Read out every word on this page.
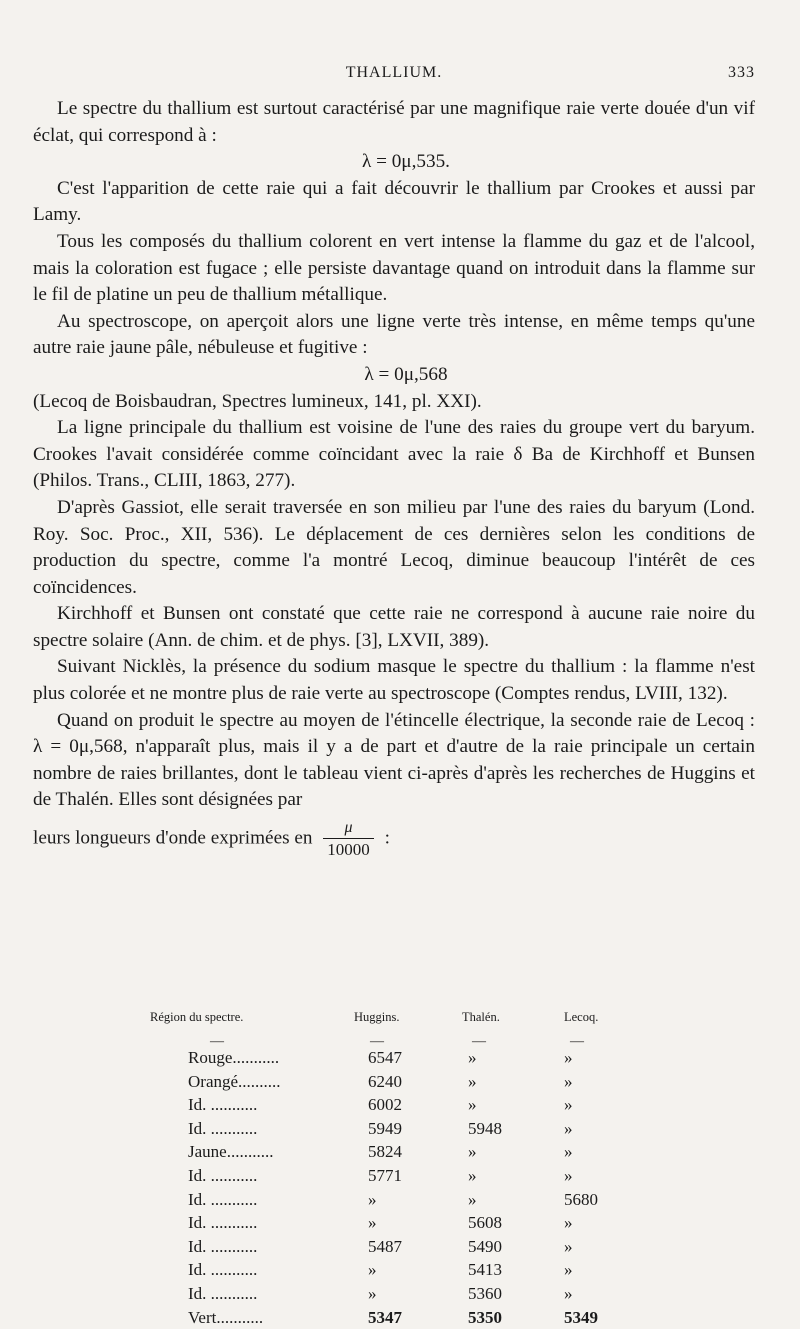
THALLIUM.	333

Le spectre du thallium est surtout caractérisé par une magnifique raie verte douée d'un vif éclat, qui correspond à :

λ = 0μ,535.

C'est l'apparition de cette raie qui a fait découvrir le thallium par Crookes et aussi par Lamy.

Tous les composés du thallium colorent en vert intense la flamme du gaz et de l'alcool, mais la coloration est fugace ; elle persiste davantage quand on introduit dans la flamme sur le fil de platine un peu de thallium métallique.

Au spectroscope, on aperçoit alors une ligne verte très intense, en même temps qu'une autre raie jaune pâle, nébuleuse et fugitive :

λ = 0μ,568

(Lecoq de Boisbaudran, Spectres lumineux, 141, pl. XXI).

La ligne principale du thallium est voisine de l'une des raies du groupe vert du baryum. Crookes l'avait considérée comme coïncidant avec la raie δ Ba de Kirchhoff et Bunsen (Philos. Trans., CLIII, 1863, 277).

D'après Gassiot, elle serait traversée en son milieu par l'une des raies du baryum (Lond. Roy. Soc. Proc., XII, 536). Le déplacement de ces dernières selon les conditions de production du spectre, comme l'a montré Lecoq, diminue beaucoup l'intérêt de ces coïncidences.

Kirchhoff et Bunsen ont constaté que cette raie ne correspond à aucune raie noire du spectre solaire (Ann. de chim. et de phys. [3], LXVII, 389).

Suivant Nicklès, la présence du sodium masque le spectre du thallium : la flamme n'est plus colorée et ne montre plus de raie verte au spectroscope (Comptes rendus, LVIII, 132).

Quand on produit le spectre au moyen de l'étincelle électrique, la seconde raie de Lecoq : λ = 0μ,568, n'apparaît plus, mais il y a de part et d'autre de la raie principale un certain nombre de raies brillantes, dont le tableau vient ci-après d'après les recherches de Huggins et de Thalén. Elles sont désignées par

leurs longueurs d'onde exprimées en $\frac{\mu}{10000}$ :

Région du spectre.	Huggins.	Thalén.	Lecoq.
—	—	—	—
Rouge...........	6547	»	»
Orangé..........	6240	»	»
Id. ...........	6002	»	»
Id. ...........	5949	5948	»
Jaune...........	5824	»	»
Id. ...........	5771	»	»
Id. ...........	»	»	5680
Id. ...........	»	5608	»
Id. ...........	5487	5490	»
Id. ...........	»	5413	»
Id. ...........	»	5360	»
Vert...........	5347	5350	5349
